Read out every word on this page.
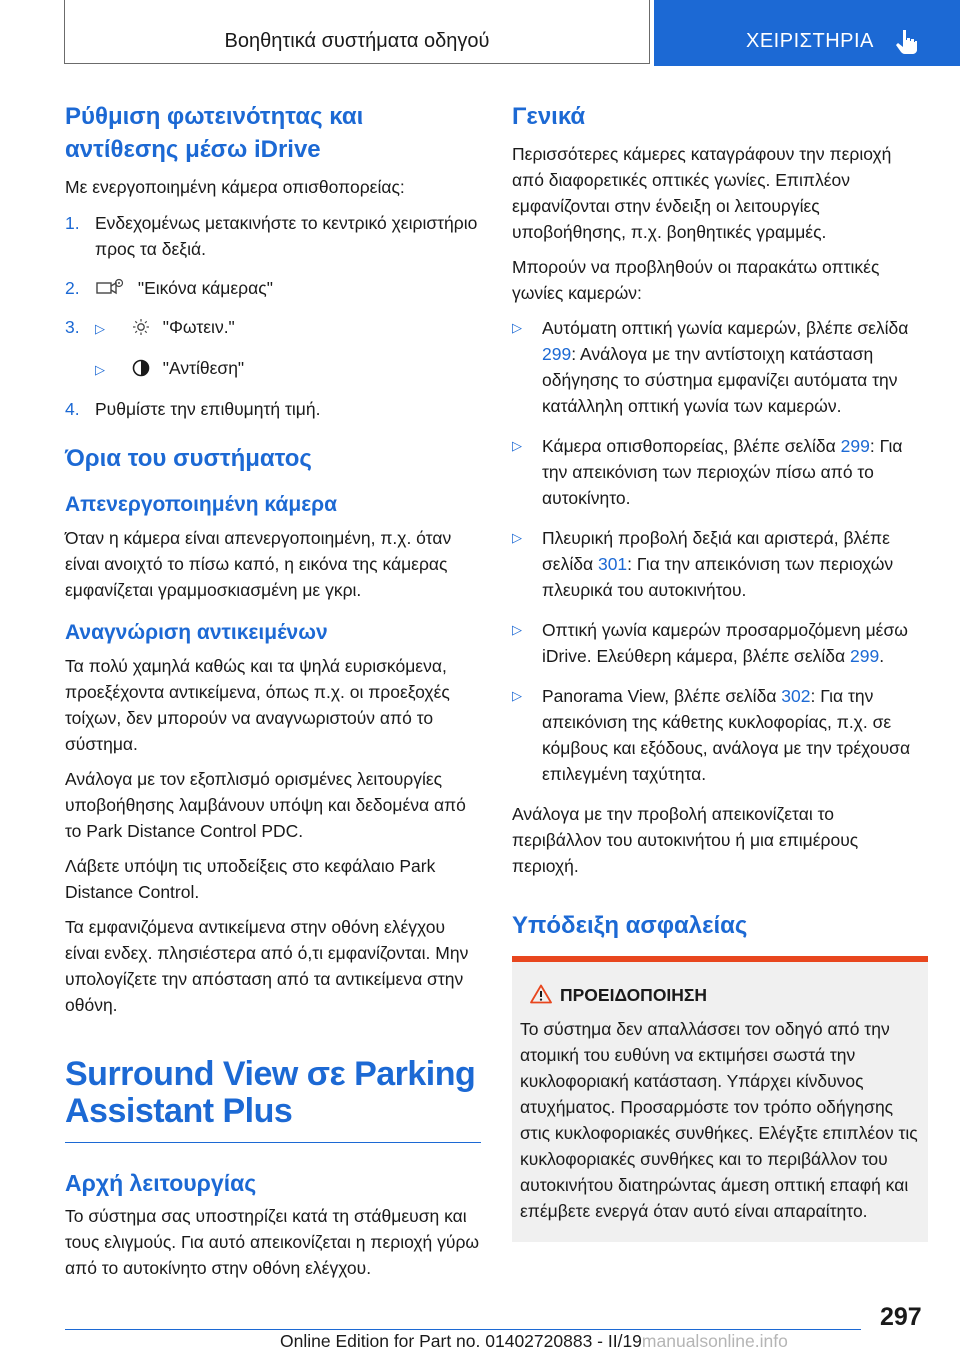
Βοηθητικά συστήματα οδηγού	ΧΕΙΡΙΣΤΗΡΙΑ
Ρύθμιση φωτεινότητας και αντίθεσης μέσω iDrive

Με ενεργοποιημένη κάμερα οπισθοπορείας:

1. Ενδεχομένως μετακινήστε το κεντρικό χειριστήριο προς τα δεξιά.
2.	"Εικόνα κάμερας"
3. ▷	"Φωτειν."
▷	"Αντίθεση"
4. Ρυθμίστε την επιθυμητή τιμή.
Όρια του συστήματος
Απενεργοποιημένη κάμερα

Όταν η κάμερα είναι απενεργοποιημένη, π.χ. όταν είναι ανοιχτό το πίσω καπό, η εικόνα της κάμερας εμφανίζεται γραμμοσκιασμένη με γκρι.

Αναγνώριση αντικειμένων

Τα πολύ χαμηλά καθώς και τα ψηλά ευρισκόμενα, προεξέχοντα αντικείμενα, όπως π.χ. οι προεξοχές τοίχων, δεν μπορούν να αναγνωριστούν από το σύστημα.

Ανάλογα με τον εξοπλισμό ορισμένες λειτουργίες υποβοήθησης λαμβάνουν υπόψη και δεδομένα από το Park Distance Control PDC.

Λάβετε υπόψη τις υποδείξεις στο κεφάλαιο Park Distance Control.

Τα εμφανιζόμενα αντικείμενα στην οθόνη ελέγχου είναι ενδεχ. πλησιέστερα από ό,τι εμφανίζονται. Μην υπολογίζετε την απόσταση από τα αντικείμενα στην οθόνη.

Surround View σε Parking Assistant Plus
Αρχή λειτουργίας

Το σύστημα σας υποστηρίζει κατά τη στάθμευση και τους ελιγμούς. Για αυτό απεικονίζεται η περιοχή γύρω από το αυτοκίνητο στην οθόνη ελέγχου.

Γενικά

Περισσότερες κάμερες καταγράφουν την περιοχή από διαφορετικές οπτικές γωνίες. Επιπλέον εμφανίζονται στην ένδειξη οι λειτουργίες υποβοήθησης, π.χ. βοηθητικές γραμμές.

Μπορούν να προβληθούν οι παρακάτω οπτικές γωνίες καμερών:

▷ Αυτόματη οπτική γωνία καμερών, βλέπε σελίδα 299: Ανάλογα με την αντίστοιχη κατάσταση οδήγησης το σύστημα εμφανίζει αυτόματα την κατάλληλη οπτική γωνία των καμερών.
▷ Κάμερα οπισθοπορείας, βλέπε σελίδα 299: Για την απεικόνιση των περιοχών πίσω από το αυτοκίνητο.
▷ Πλευρική προβολή δεξιά και αριστερά, βλέπε σελίδα 301: Για την απεικόνιση των περιοχών πλευρικά του αυτοκινήτου.
▷ Οπτική γωνία καμερών προσαρμοζόμενη μέσω iDrive. Ελεύθερη κάμερα, βλέπε σελίδα 299.
▷ Panorama View, βλέπε σελίδα 302: Για την απεικόνιση της κάθετης κυκλοφορίας, π.χ. σε κόμβους και εξόδους, ανάλογα με την τρέχουσα επιλεγμένη ταχύτητα.

Ανάλογα με την προβολή απεικονίζεται το περιβάλλον του αυτοκινήτου ή μια επιμέρους περιοχή.

Υπόδειξη ασφαλείας
ΠΡΟΕΙΔΟΠΟΙΗΣΗ

Το σύστημα δεν απαλλάσσει τον οδηγό από την ατομική του ευθύνη να εκτιμήσει σωστά την κυκλοφοριακή κατάσταση. Υπάρχει κίνδυνος ατυχήματος. Προσαρμόστε τον τρόπο οδήγησης στις κυκλοφοριακές συνθήκες. Ελέγξτε επιπλέον τις κυκλοφοριακές συνθήκες και το περιβάλλον του αυτοκινήτου διατηρώντας άμεση οπτική επαφή και επέμβετε ενεργά όταν αυτό είναι απαραίτητο.

297
Online Edition for Part no. 01402720883 - II/19manualsonline.info
